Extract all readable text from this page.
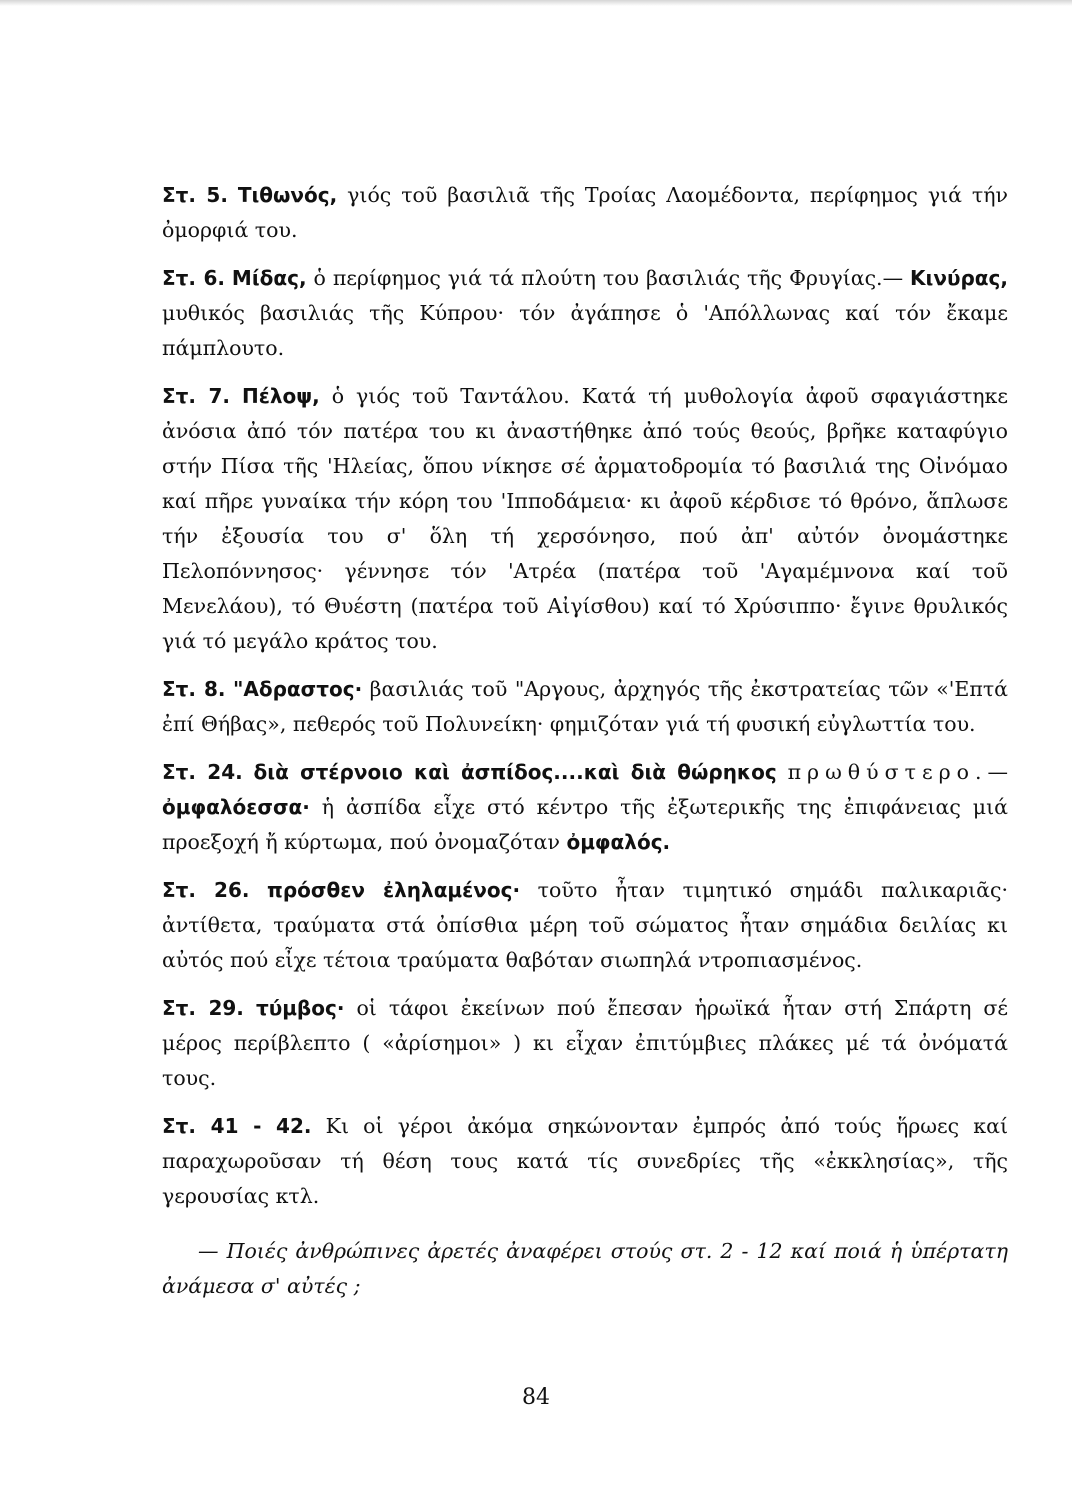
Στ. 5. Τιθωνός, γιός τοῦ βασιλιᾶ τῆς Τροίας Λαομέδοντα, περίφημος γιά τήν ὀμορφιά του.

Στ. 6. Μίδας, ὁ περίφημος γιά τά πλούτη του βασιλιάς τῆς Φρυγίας.— Κινύρας, μυθικός βασιλιάς τῆς Κύπρου· τόν ἀγάπησε ὁ 'Απόλλωνας καί τόν ἔκαμε πάμπλουτο.

Στ. 7. Πέλοψ, ὁ γιός τοῦ Ταντάλου. Κατά τή μυθολογία ἀφοῦ σφαγιάστηκε ἀνόσια ἀπό τόν πατέρα του κι ἀναστήθηκε ἀπό τούς θεούς, βρῆκε καταφύγιο στήν Πίσα τῆς 'Ηλείας, ὅπου νίκησε σέ ἁρματοδρομία τό βασιλιά της Οἰνόμαο καί πῆρε γυναίκα τήν κόρη του 'Ιπποδάμεια· κι ἀφοῦ κέρδισε τό θρόνο, ἅπλωσε τήν ἐξουσία του σ' ὅλη τή χερσόνησο, πού ἀπ' αὐτόν ὀνομάστηκε Πελοπόννησος· γέννησε τόν 'Ατρέα (πατέρα τοῦ 'Αγαμέμνονα καί τοῦ Μενελάου), τό Θυέστη (πατέρα τοῦ Αἰγίσθου) καί τό Χρύσιππο· ἔγινε θρυλικός γιά τό μεγάλο κράτος του.

Στ. 8. "Αδραστος· βασιλιάς τοῦ "Αργους, ἀρχηγός τῆς ἐκστρατείας τῶν «'Επτά ἐπί Θήβας», πεθερός τοῦ Πολυνείκη· φημιζόταν γιά τή φυσική εὐγλωττία του.

Στ. 24. διὰ στέρνοιο καὶ ἀσπίδος....καὶ διὰ θώρηκος πρωθύστερο.— ὀμφαλόεσσα· ἡ ἀσπίδα εἶχε στό κέντρο τῆς ἐξωτερικῆς της ἐπιφάνειας μιά προεξοχή ἤ κύρτωμα, πού ὀνομαζόταν ὀμφαλός.

Στ. 26. πρόσθεν ἐληλαμένος· τοῦτο ἦταν τιμητικό σημάδι παλικαριᾶς· ἀντίθετα, τραύματα στά ὀπίσθια μέρη τοῦ σώματος ἦταν σημάδια δειλίας κι αὐτός πού εἶχε τέτοια τραύματα θαβόταν σιωπηλά ντροπιασμένος.

Στ. 29. τύμβος· οἱ τάφοι ἐκείνων πού ἔπεσαν ἡρωϊκά ἦταν στή Σπάρτη σέ μέρος περίβλεπτο ( «ἀρίσημοι» ) κι εἶχαν ἐπιτύμβιες πλάκες μέ τά ὀνόματά τους.

Στ. 41 - 42. Κι οἱ γέροι ἀκόμα σηκώνονταν ἐμπρός ἀπό τούς ἥρωες καί παραχωροῦσαν τή θέση τους κατά τίς συνεδρίες τῆς «ἐκκλησίας», τῆς γερουσίας κτλ.

— Ποιές ἀνθρώπινες ἀρετές ἀναφέρει στούς στ. 2 - 12 καί ποιά ἡ ὑπέρτατη ἀνάμεσα σ' αὐτές ;

84
